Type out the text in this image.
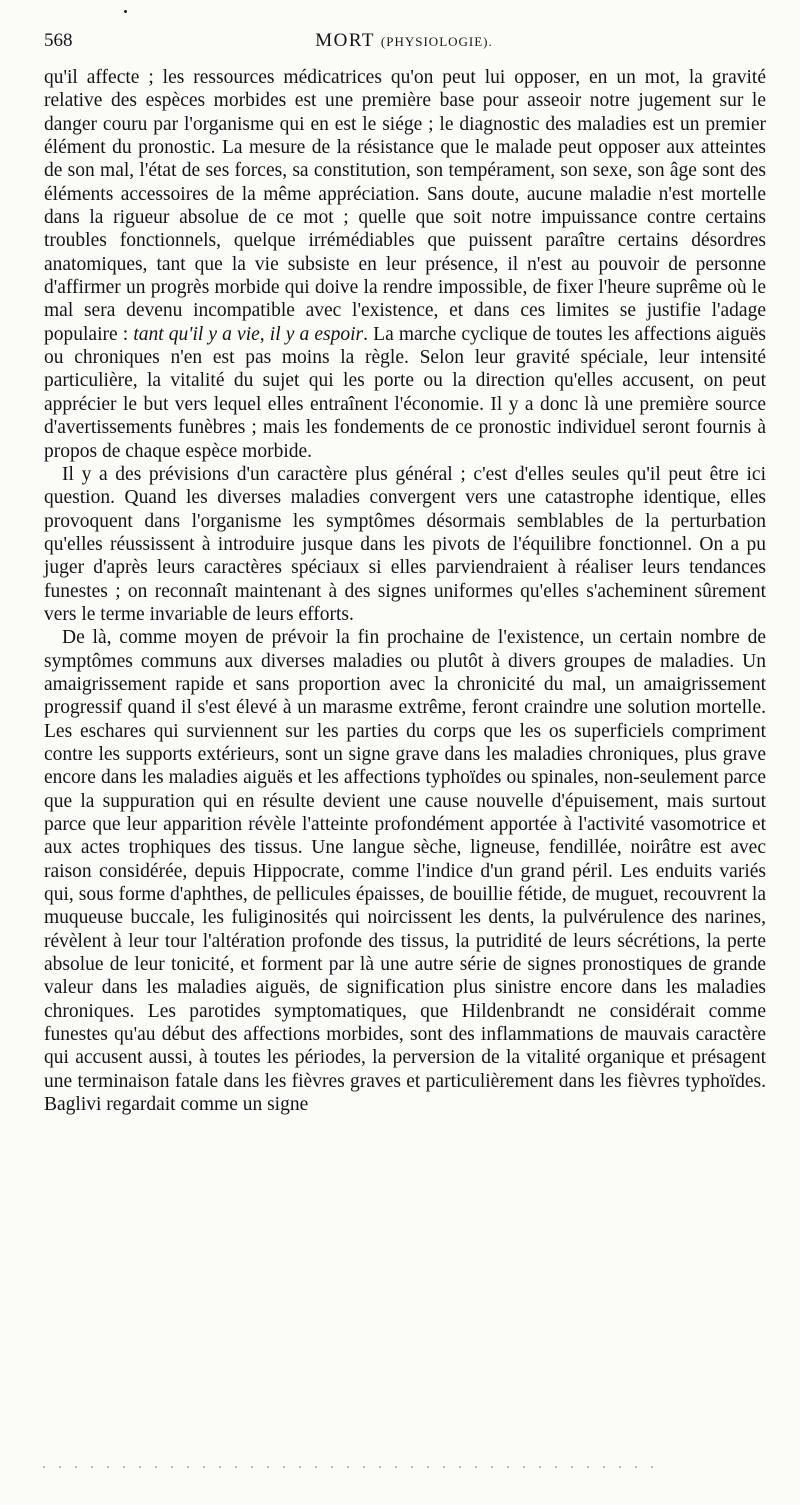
568	MORT (PHYSIOLOGIE).

qu'il affecte ; les ressources médicatrices qu'on peut lui opposer, en un mot, la gravité relative des espèces morbides est une première base pour asseoir notre jugement sur le danger couru par l'organisme qui en est le siége ; le diagnostic des maladies est un premier élément du pronostic. La mesure de la résistance que le malade peut opposer aux atteintes de son mal, l'état de ses forces, sa constitution, son tempérament, son sexe, son âge sont des éléments accessoires de la même appréciation. Sans doute, aucune maladie n'est mortelle dans la rigueur absolue de ce mot ; quelle que soit notre impuissance contre certains troubles fonctionnels, quelque irrémédiables que puissent paraître certains désordres anatomiques, tant que la vie subsiste en leur présence, il n'est au pouvoir de personne d'affirmer un progrès morbide qui doive la rendre impossible, de fixer l'heure suprême où le mal sera devenu incompatible avec l'existence, et dans ces limites se justifie l'adage populaire : tant qu'il y a vie, il y a espoir. La marche cyclique de toutes les affections aiguës ou chroniques n'en est pas moins la règle. Selon leur gravité spéciale, leur intensité particulière, la vitalité du sujet qui les porte ou la direction qu'elles accusent, on peut apprécier le but vers lequel elles entraînent l'économie. Il y a donc là une première source d'avertissements funèbres ; mais les fondements de ce pronostic individuel seront fournis à propos de chaque espèce morbide.

Il y a des prévisions d'un caractère plus général ; c'est d'elles seules qu'il peut être ici question. Quand les diverses maladies convergent vers une catastrophe identique, elles provoquent dans l'organisme les symptômes désormais semblables de la perturbation qu'elles réussissent à introduire jusque dans les pivots de l'équilibre fonctionnel. On a pu juger d'après leurs caractères spéciaux si elles parviendraient à réaliser leurs tendances funestes ; on reconnaît maintenant à des signes uniformes qu'elles s'acheminent sûrement vers le terme invariable de leurs efforts.

De là, comme moyen de prévoir la fin prochaine de l'existence, un certain nombre de symptômes communs aux diverses maladies ou plutôt à divers groupes de maladies. Un amaigrissement rapide et sans proportion avec la chronicité du mal, un amaigrissement progressif quand il s'est élevé à un marasme extrême, feront craindre une solution mortelle. Les eschares qui surviennent sur les parties du corps que les os superficiels compriment contre les supports extérieurs, sont un signe grave dans les maladies chroniques, plus grave encore dans les maladies aiguës et les affections typhoïdes ou spinales, non-seulement parce que la suppuration qui en résulte devient une cause nouvelle d'épuisement, mais surtout parce que leur apparition révèle l'atteinte profondément apportée à l'activité vasomotrice et aux actes trophiques des tissus. Une langue sèche, ligneuse, fendillée, noirâtre est avec raison considérée, depuis Hippocrate, comme l'indice d'un grand péril. Les enduits variés qui, sous forme d'aphthes, de pellicules épaisses, de bouillie fétide, de muguet, recouvrent la muqueuse buccale, les fuliginosités qui noircissent les dents, la pulvérulence des narines, révèlent à leur tour l'altération profonde des tissus, la putridité de leurs sécrétions, la perte absolue de leur tonicité, et forment par là une autre série de signes pronostiques de grande valeur dans les maladies aiguës, de signification plus sinistre encore dans les maladies chroniques. Les parotides symptomatiques, que Hildenbrandt ne considérait comme funestes qu'au début des affections morbides, sont des inflammations de mauvais caractère qui accusent aussi, à toutes les périodes, la perversion de la vitalité organique et présagent une terminaison fatale dans les fièvres graves et particulièrement dans les fièvres typhoïdes. Baglivi regardait comme un signe
